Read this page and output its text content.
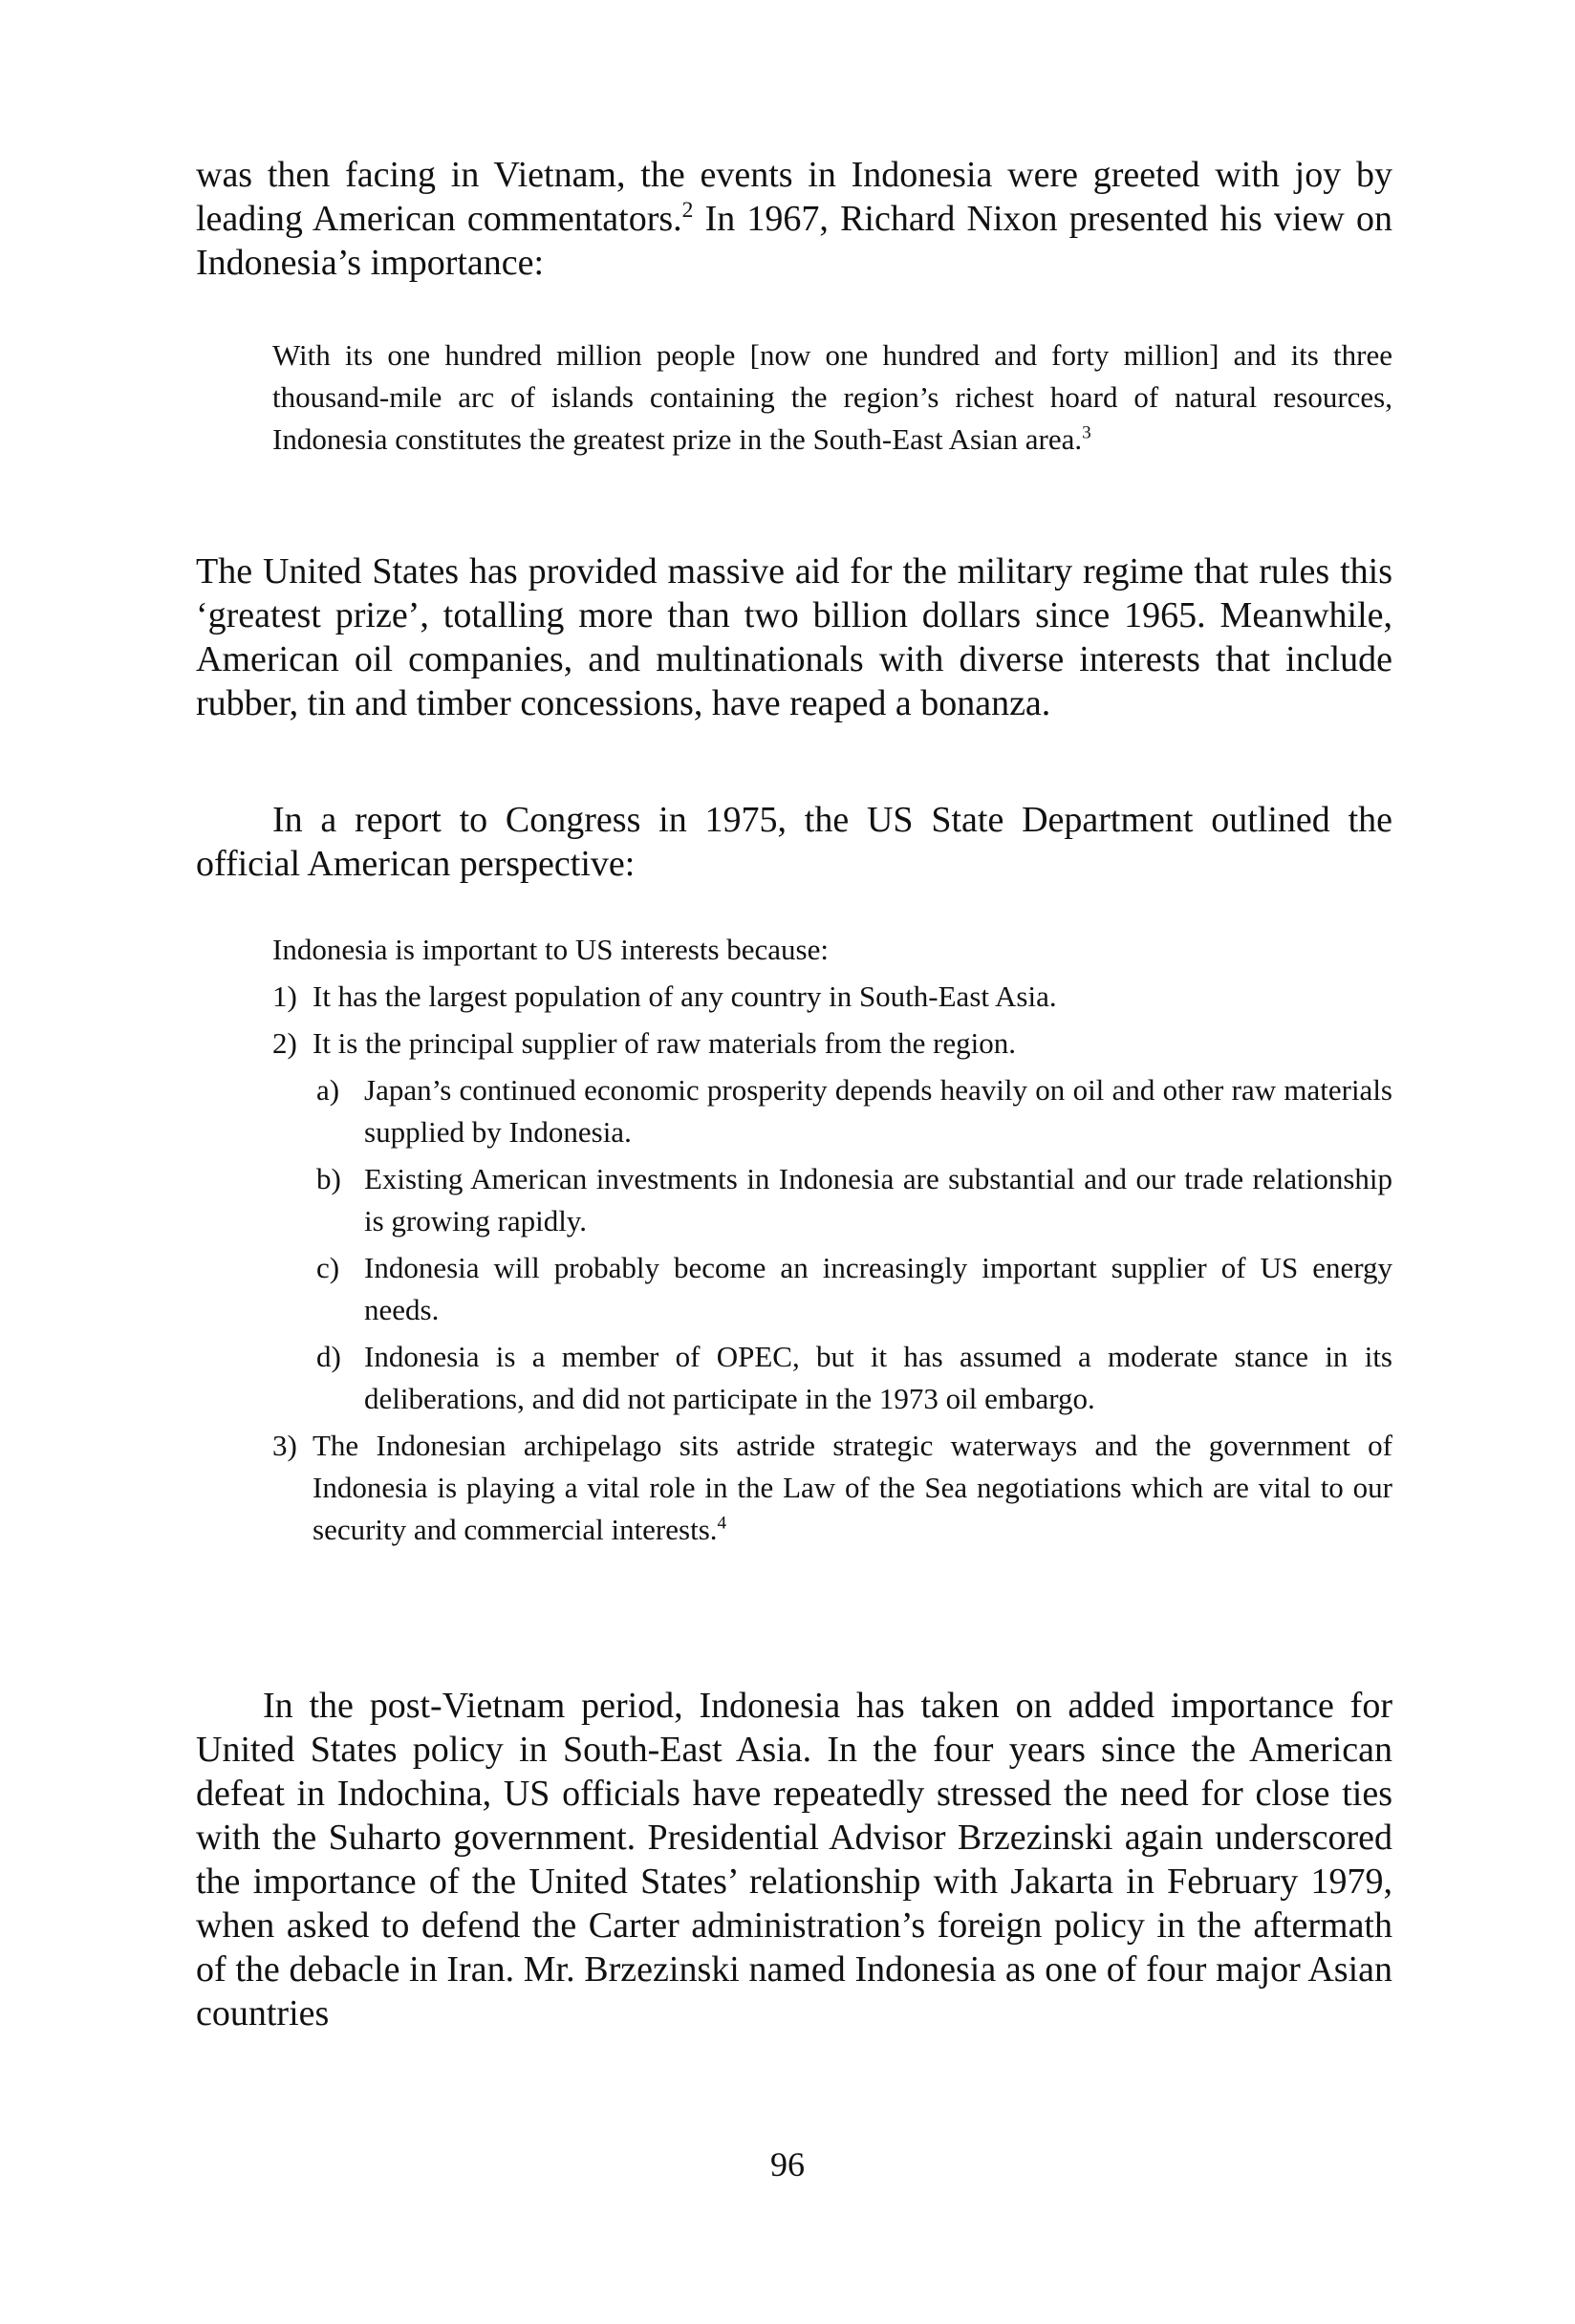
was then facing in Vietnam, the events in Indonesia were greeted with joy by leading American commentators.$^2$ In 1967, Richard Nixon presented his view on Indonesia’s importance:

With its one hundred million people [now one hundred and forty million] and its three thousand-mile arc of islands containing the region’s richest hoard of natural resources, Indonesia constitutes the greatest prize in the South-East Asian area.$^3$

The United States has provided massive aid for the military regime that rules this ‘greatest prize’, totalling more than two billion dollars since 1965. Meanwhile, American oil companies, and multinationals with diverse interests that include rubber, tin and timber concessions, have reaped a bonanza.

In a report to Congress in 1975, the US State Department outlined the official American perspective:

Indonesia is important to US interests because:

1) It has the largest population of any country in South-East Asia.
2) It is the principal supplier of raw materials from the region.
a) Japan’s continued economic prosperity depends heavily on oil and other raw materials supplied by Indonesia.
b) Existing American investments in Indonesia are substantial and our trade relationship is growing rapidly.
c) Indonesia will probably become an increasingly important supplier of US energy needs.
d) Indonesia is a member of OPEC, but it has assumed a moderate stance in its deliberations, and did not participate in the 1973 oil embargo.
3) The Indonesian archipelago sits astride strategic waterways and the government of Indonesia is playing a vital role in the Law of the Sea negotiations which are vital to our security and commercial interests.$^4$

In the post-Vietnam period, Indonesia has taken on added importance for United States policy in South-East Asia. In the four years since the American defeat in Indochina, US officials have repeatedly stressed the need for close ties with the Suharto government. Presidential Advisor Brzezinski again underscored the importance of the United States’ relationship with Jakarta in February 1979, when asked to defend the Carter administration’s foreign policy in the aftermath of the debacle in Iran. Mr. Brzezinski named Indonesia as one of four major Asian countries

96
